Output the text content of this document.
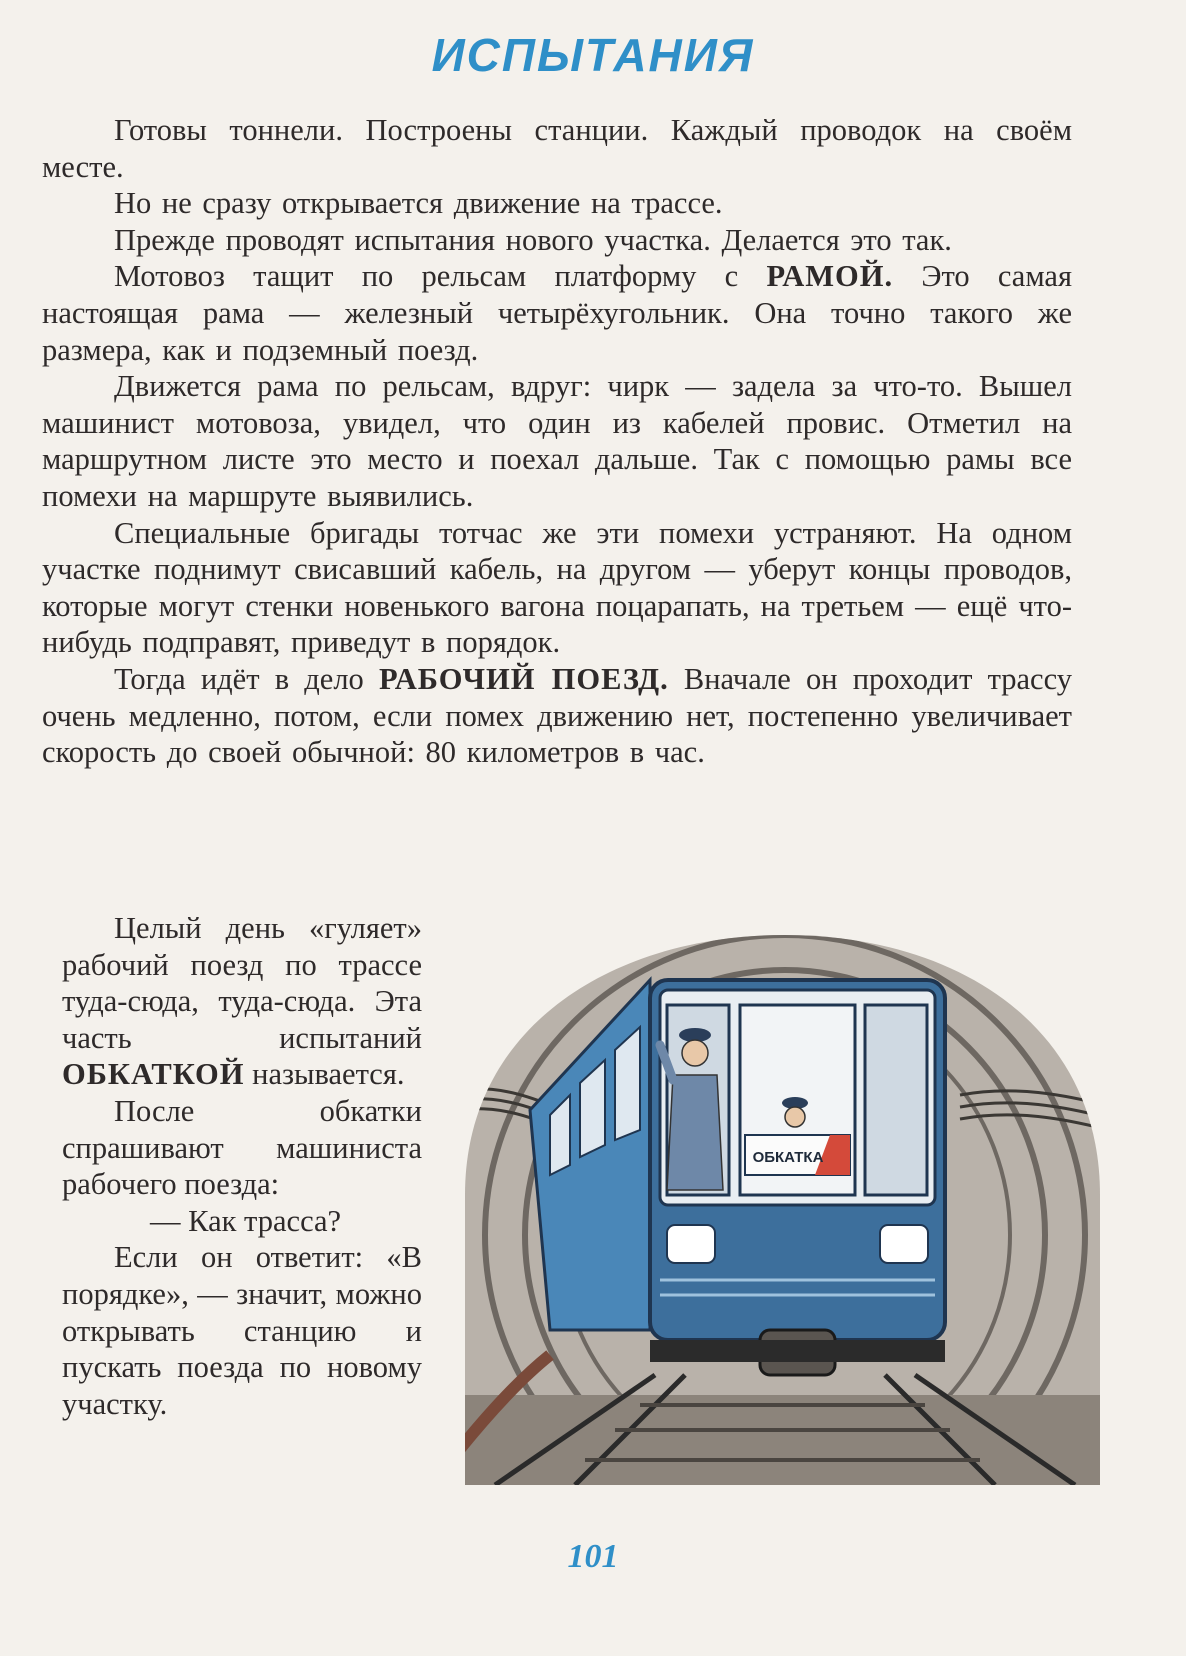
ИСПЫТАНИЯ

Готовы тоннели. Построены станции. Каждый проводок на своём месте.

Но не сразу открывается движение на трассе.

Прежде проводят испытания нового участка. Делается это так.

Мотовоз тащит по рельсам платформу с РАМОЙ. Это самая настоящая рама — железный четырёхугольник. Она точно такого же размера, как и подземный поезд.

Движется рама по рельсам, вдруг: чирк — задела за что-то. Вышел машинист мотовоза, увидел, что один из кабелей провис. Отметил на маршрутном листе это место и поехал дальше. Так с помощью рамы все помехи на маршруте выявились.

Специальные бригады тотчас же эти помехи устраняют. На одном участке поднимут свисавший кабель, на другом — уберут концы проводов, которые могут стенки новенького вагона поцарапать, на третьем — ещё что-нибудь подправят, приведут в порядок.

Тогда идёт в дело РАБОЧИЙ ПОЕЗД. Вначале он проходит трассу очень медленно, потом, если помех движению нет, постепенно увеличивает скорость до своей обычной: 80 километров в час.

Целый день «гуляет» рабочий поезд по трассе туда-сюда, туда-сюда. Эта часть испытаний ОБКАТКОЙ называется.

После обкатки спрашивают машиниста рабочего поезда:

— Как трасса?

Если он ответит: «В порядке», — значит, можно открывать станцию и пускать поезда по новому участку.

ОБКАТКА
101
